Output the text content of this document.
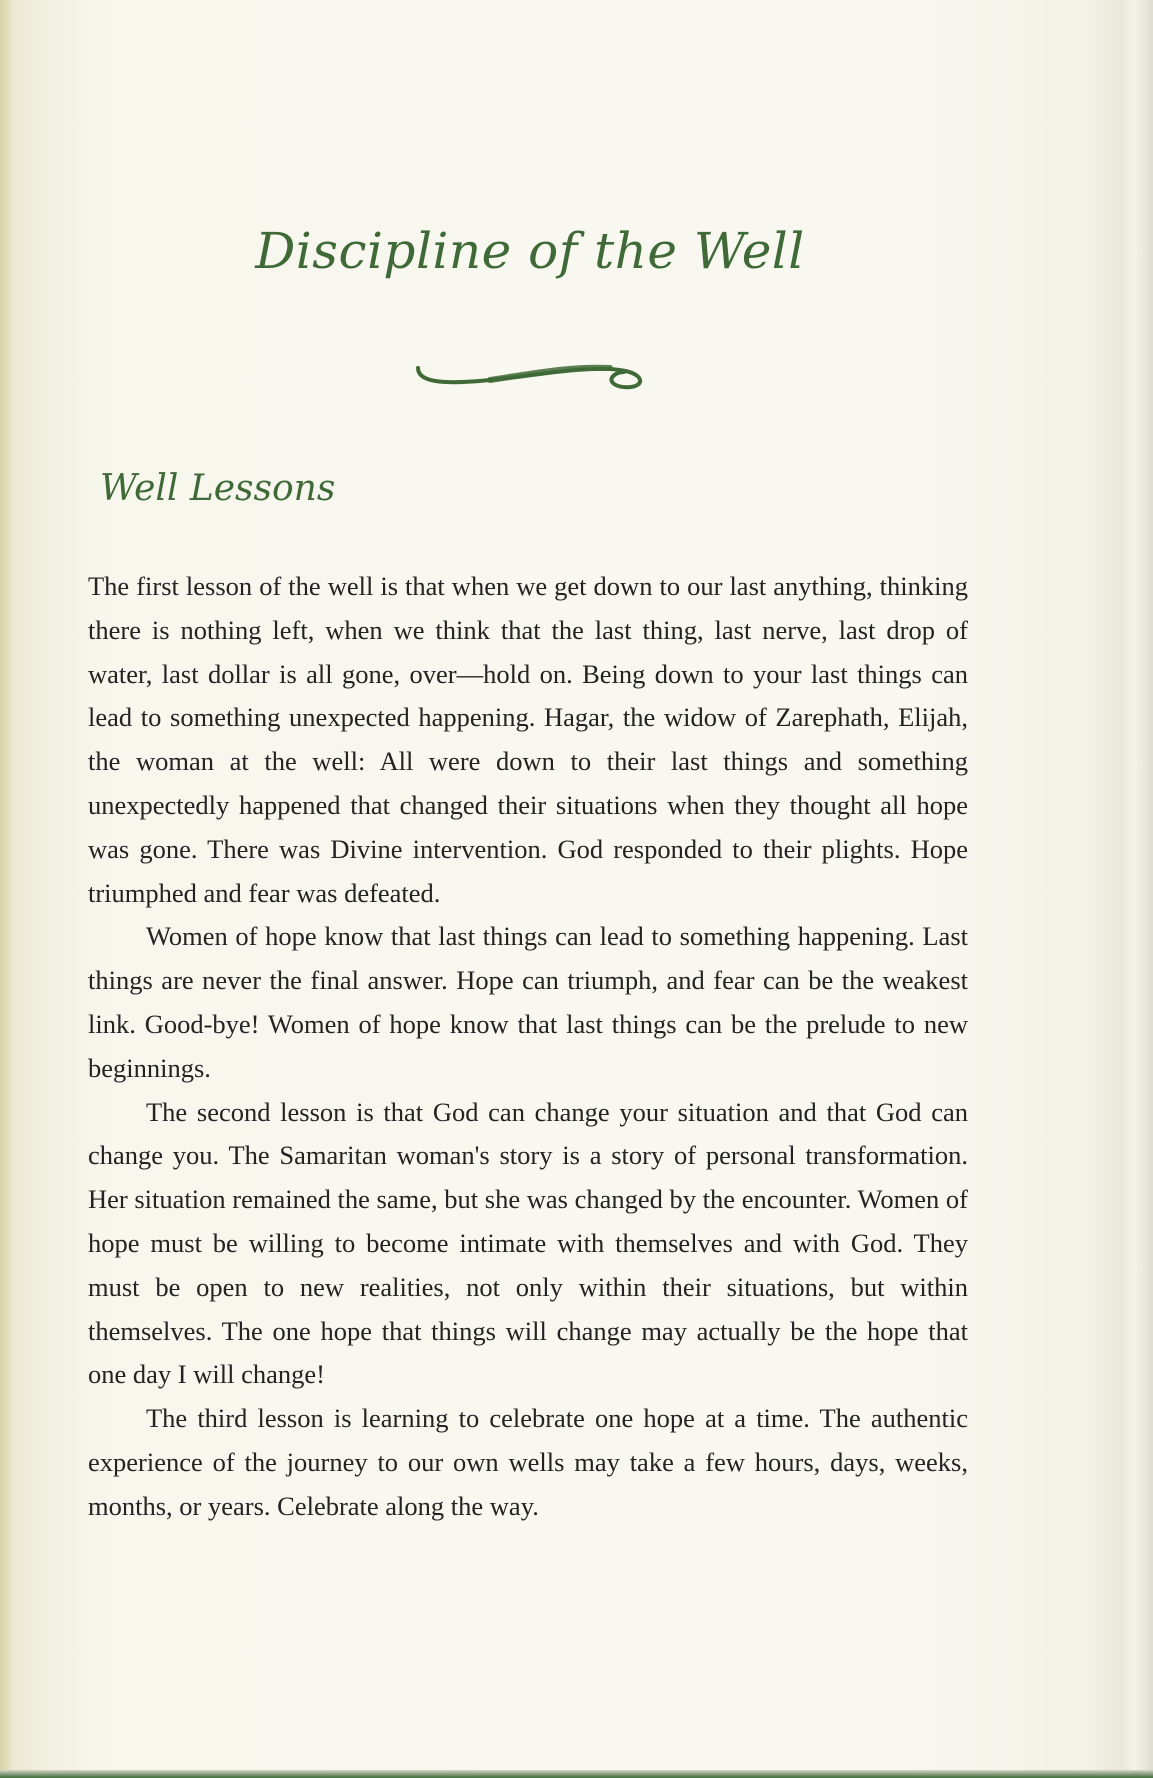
Discipline of the Well
Well Lessons

The first lesson of the well is that when we get down to our last anything, thinking there is nothing left, when we think that the last thing, last nerve, last drop of water, last dollar is all gone, over—hold on. Being down to your last things can lead to something unexpected happening. Hagar, the widow of Zarephath, Elijah, the woman at the well: All were down to their last things and something unexpectedly happened that changed their situations when they thought all hope was gone. There was Divine intervention. God responded to their plights. Hope triumphed and fear was defeated.

Women of hope know that last things can lead to something happening. Last things are never the final answer. Hope can triumph, and fear can be the weakest link. Good-bye! Women of hope know that last things can be the prelude to new beginnings.

The second lesson is that God can change your situation and that God can change you. The Samaritan woman's story is a story of personal transformation. Her situation remained the same, but she was changed by the encounter. Women of hope must be willing to become intimate with themselves and with God. They must be open to new realities, not only within their situations, but within themselves. The one hope that things will change may actually be the hope that one day I will change!

The third lesson is learning to celebrate one hope at a time. The authentic experience of the journey to our own wells may take a few hours, days, weeks, months, or years. Celebrate along the way.
